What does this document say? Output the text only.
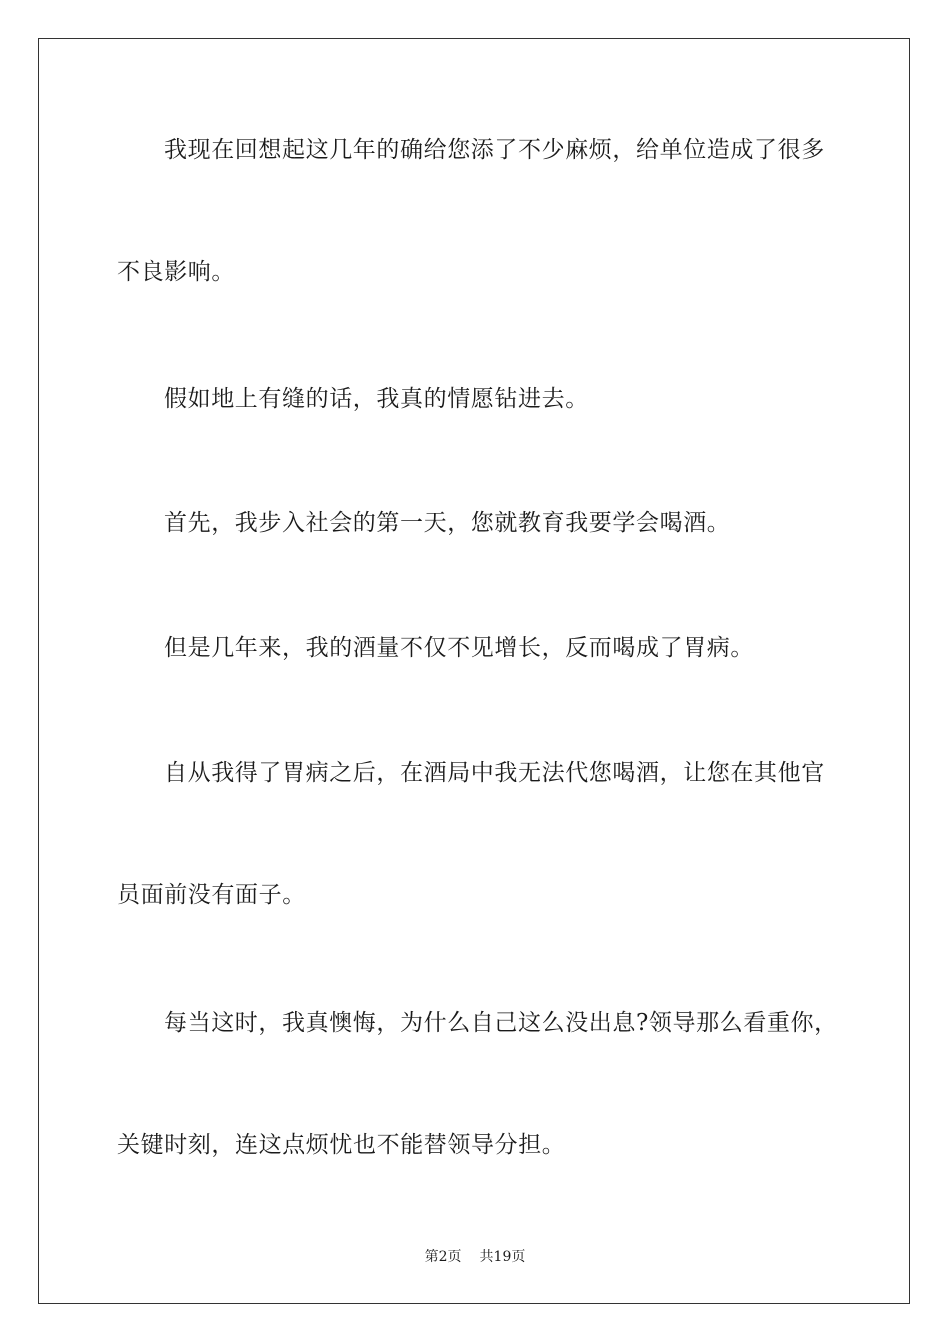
我现在回想起这几年的确给您添了不少麻烦，给单位造成了很多
不良影响。
假如地上有缝的话，我真的情愿钻进去。
首先，我步入社会的第一天，您就教育我要学会喝酒。
但是几年来，我的酒量不仅不见增长，反而喝成了胃病。
自从我得了胃病之后，在酒局中我无法代您喝酒，让您在其他官
员面前没有面子。
每当这时，我真懊悔，为什么自己这么没出息?领导那么看重你，
关键时刻，连这点烦忧也不能替领导分担。
第2页 共19页
